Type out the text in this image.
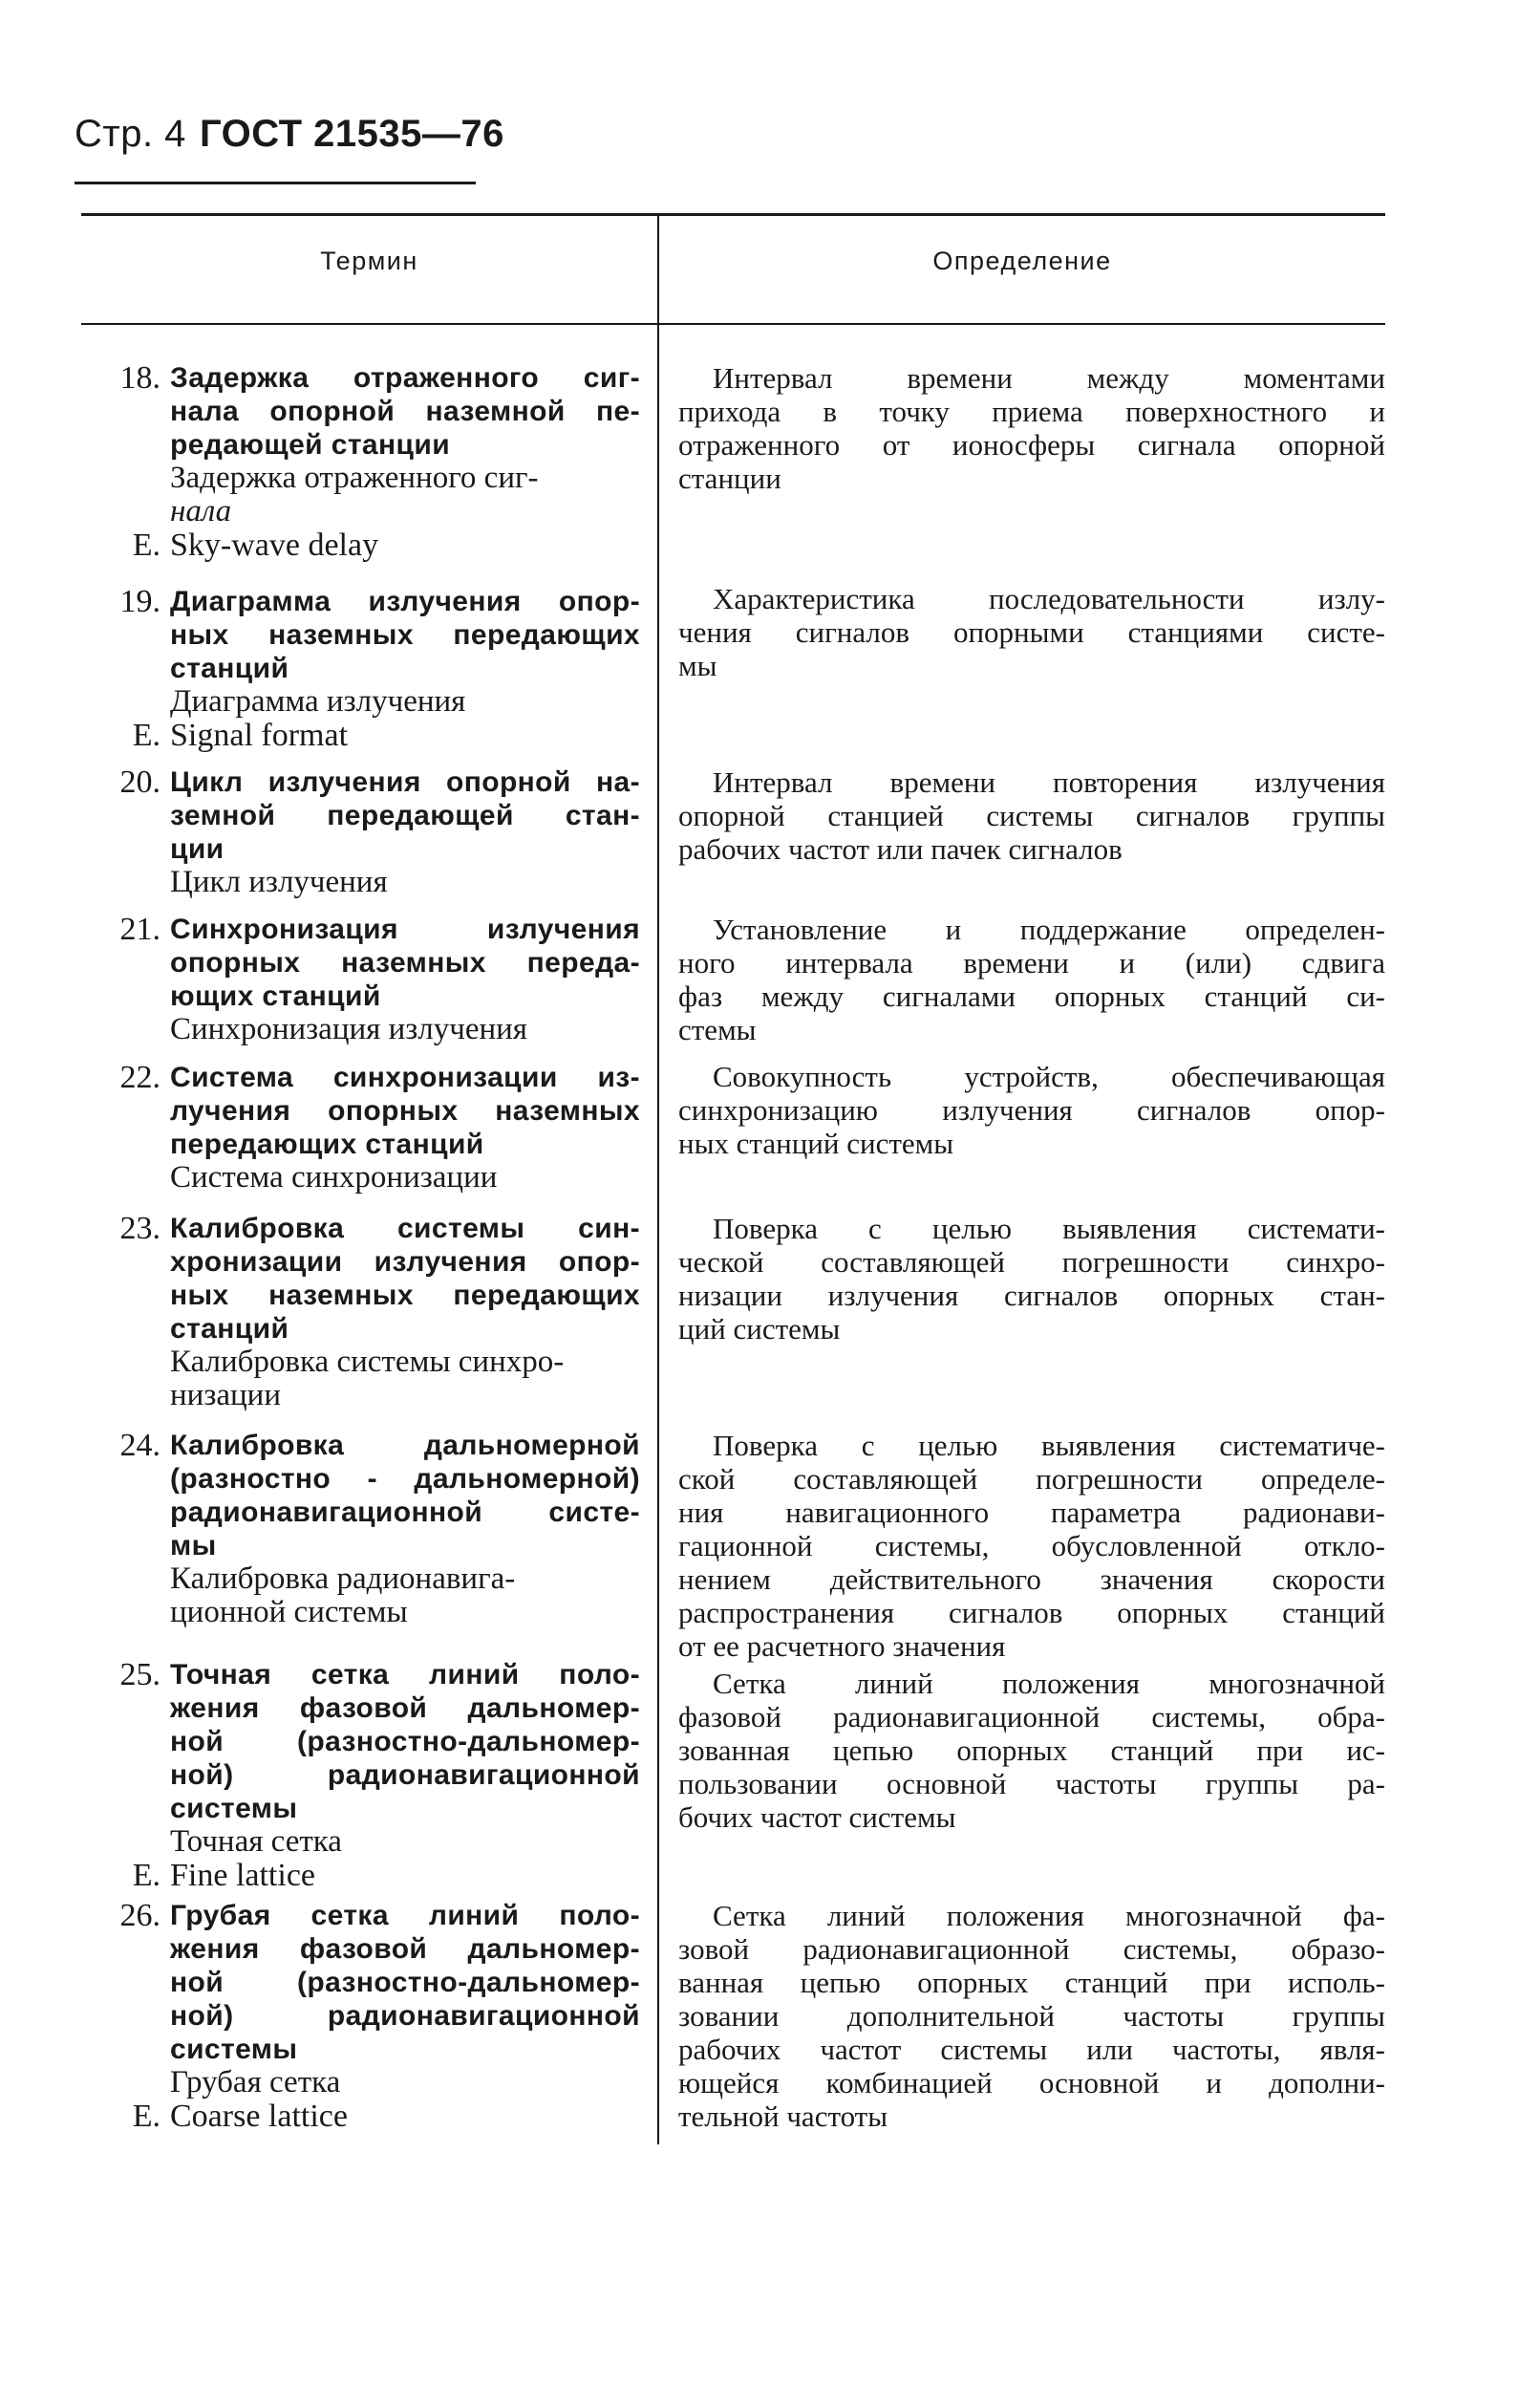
Стр. 4 ГОСТ 21535—76
Термин	Определение
18. Задержка отраженного сиг-
нала опорной наземной пе-
редающей станции
Задержка отраженного сиг-
нала
E. Sky-wave delay
Интервал времени между моментами
прихода в точку приема поверхностного и
отраженного от ионосферы сигнала опорной
станции
19. Диаграмма излучения опор-
ных наземных передающих
станций
Диаграмма излучения
E. Signal format
Характеристика последовательности излу-
чения сигналов опорными станциями систе-
мы
20. Цикл излучения опорной на-
земной передающей стан-
ции
Цикл излучения
Интервал времени повторения излучения
опорной станцией системы сигналов группы
рабочих частот или пачек сигналов
21. Синхронизация излучения
опорных наземных переда-
ющих станций
Синхронизация излучения
Установление и поддержание определен-
ного интервала времени и (или) сдвига
фаз между сигналами опорных станций си-
стемы
22. Система синхронизации из-
лучения опорных наземных
передающих станций
Система синхронизации
Совокупность устройств, обеспечивающая
синхронизацию излучения сигналов опор-
ных станций системы
23. Калибровка системы син-
хронизации излучения опор-
ных наземных передающих
станций
Калибровка системы синхро-
низации
Поверка с целью выявления системати-
ческой составляющей погрешности синхро-
низации излучения сигналов опорных стан-
ций системы
24. Калибровка дальномерной
(разностно - дальномерной)
радионавигационной систе-
мы
Калибровка радионавига-
ционной системы
Поверка с целью выявления систематиче-
ской составляющей погрешности определе-
ния навигационного параметра радионави-
гационной системы, обусловленной откло-
нением действительного значения скорости
распространения сигналов опорных станций
от ее расчетного значения
25. Точная сетка линий поло-
жения фазовой дальномер-
ной (разностно-дальномер-
ной) радионавигационной
системы
Точная сетка
E. Fine lattice
Сетка линий положения многозначной
фазовой радионавигационной системы, обра-
зованная цепью опорных станций при ис-
пользовании основной частоты группы ра-
бочих частот системы
26. Грубая сетка линий поло-
жения фазовой дальномер-
ной (разностно-дальномер-
ной) радионавигационной
системы
Грубая сетка
E. Coarse lattice
Сетка линий положения многозначной фа-
зовой радионавигационной системы, образо-
ванная цепью опорных станций при исполь-
зовании дополнительной частоты группы
рабочих частот системы или частоты, явля-
ющейся комбинацией основной и дополни-
тельной частоты
